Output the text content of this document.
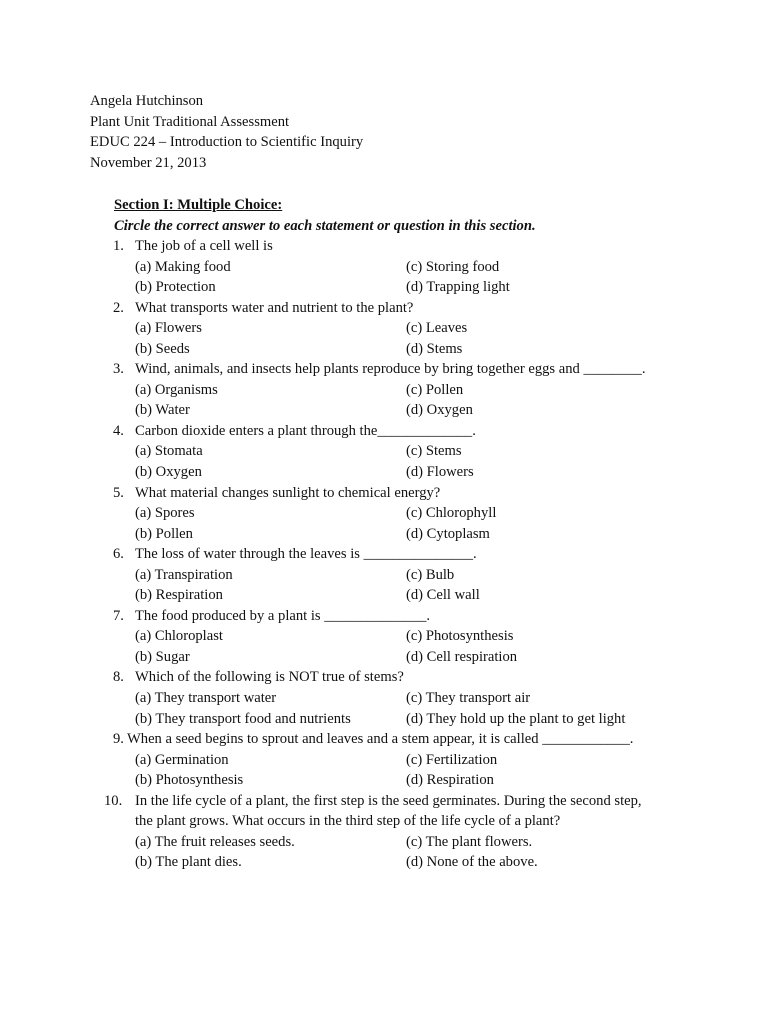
Angela Hutchinson
Plant Unit Traditional Assessment
EDUC 224 – Introduction to Scientific Inquiry
November 21, 2013
Section I: Multiple Choice:
Circle the correct answer to each statement or question in this section.
1. The job of a cell well is
(a) Making food	(c) Storing food
(b) Protection	(d) Trapping light
2. What transports water and nutrient to the plant?
(a) Flowers	(c) Leaves
(b) Seeds	(d) Stems
3. Wind, animals, and insects help plants reproduce by bring together eggs and ________.
(a) Organisms	(c) Pollen
(b) Water	(d) Oxygen
4. Carbon dioxide enters a plant through the_____________.
(a) Stomata	(c) Stems
(b) Oxygen	(d) Flowers
5. What material changes sunlight to chemical energy?
(a) Spores	(c) Chlorophyll
(b) Pollen	(d) Cytoplasm
6. The loss of water through the leaves is _______________.
(a) Transpiration	(c) Bulb
(b) Respiration	(d) Cell wall
7. The food produced by a plant is ______________.
(a) Chloroplast	(c) Photosynthesis
(b) Sugar	(d) Cell respiration
8. Which of the following is NOT true of stems?
(a) They transport water	(c) They transport air
(b) They transport food and nutrients	(d) They hold up the plant to get light
9. When a seed begins to sprout and leaves and a stem appear, it is called ____________.
(a) Germination	(c) Fertilization
(b) Photosynthesis	(d) Respiration
10. In the life cycle of a plant, the first step is the seed germinates. During the second step,
the plant grows. What occurs in the third step of the life cycle of a plant?
(a) The fruit releases seeds.	(c) The plant flowers.
(b) The plant dies.	(d) None of the above.
